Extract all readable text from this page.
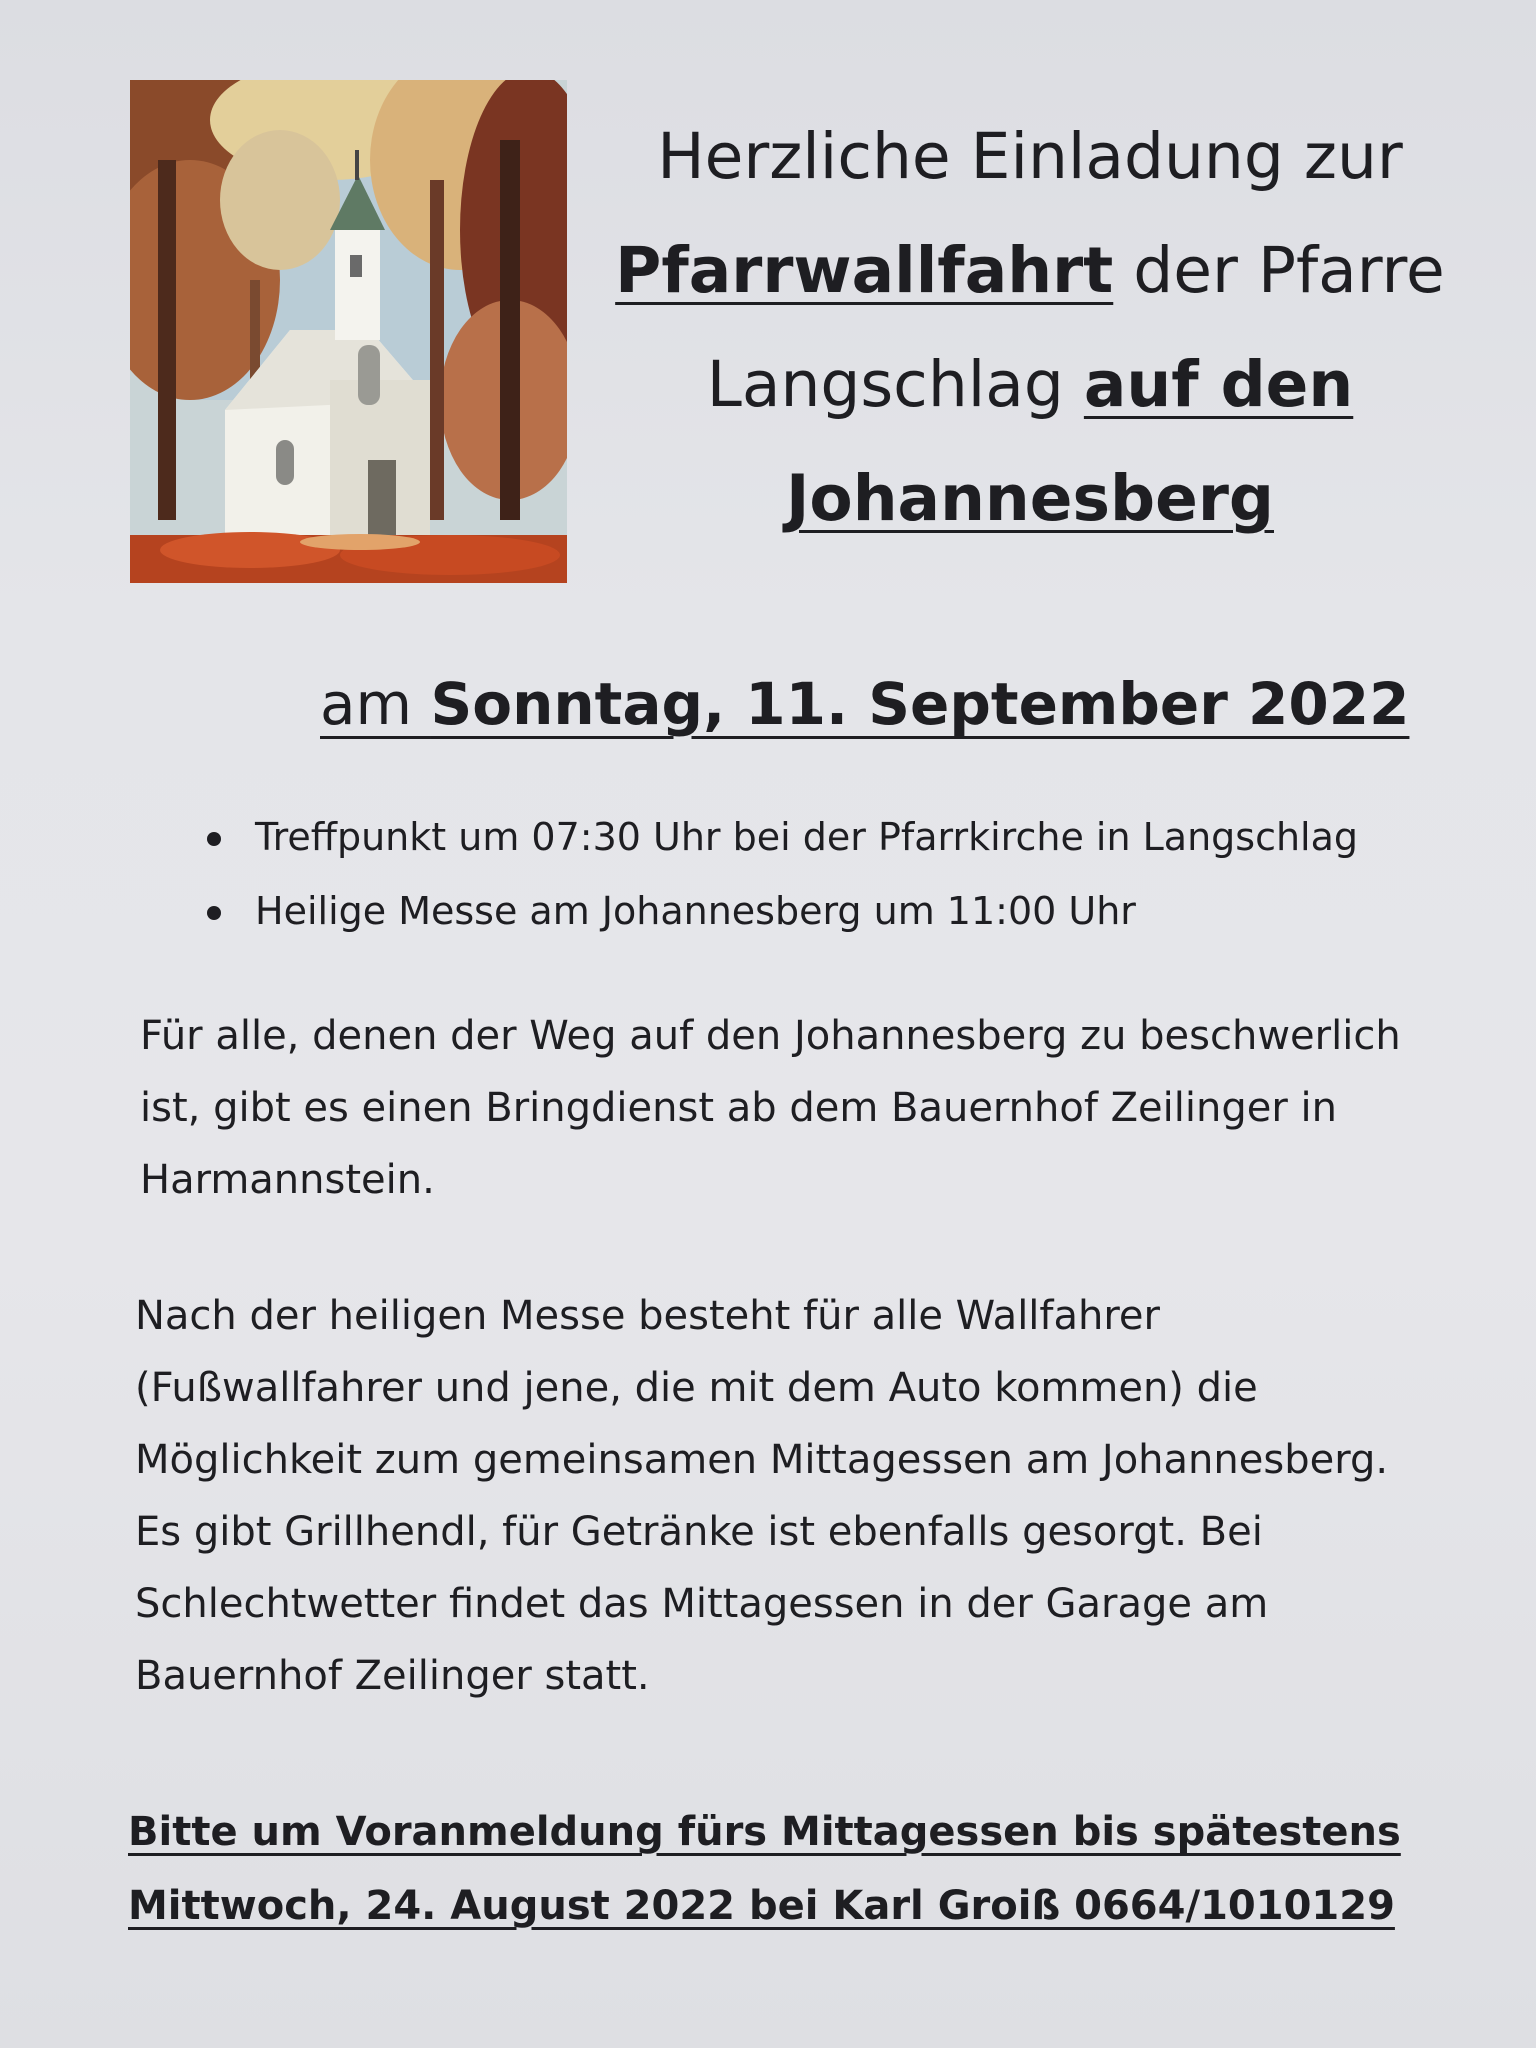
Herzliche Einladung zur
Pfarrwallfahrt der Pfarre
Langschlag auf den
Johannesberg
am Sonntag, 11. September 2022
Treffpunkt um 07:30 Uhr bei der Pfarrkirche in Langschlag
Heilige Messe am Johannesberg um 11:00 Uhr

Für alle, denen der Weg auf den Johannesberg zu beschwerlich
ist, gibt es einen Bringdienst ab dem Bauernhof Zeilinger in
Harmannstein.

Nach der heiligen Messe besteht für alle Wallfahrer
(Fußwallfahrer und jene, die mit dem Auto kommen) die
Möglichkeit zum gemeinsamen Mittagessen am Johannesberg.
Es gibt Grillhendl, für Getränke ist ebenfalls gesorgt. Bei
Schlechtwetter findet das Mittagessen in der Garage am
Bauernhof Zeilinger statt.

Bitte um Voranmeldung fürs Mittagessen bis spätestens
Mittwoch, 24. August 2022 bei Karl Groiß 0664/1010129
